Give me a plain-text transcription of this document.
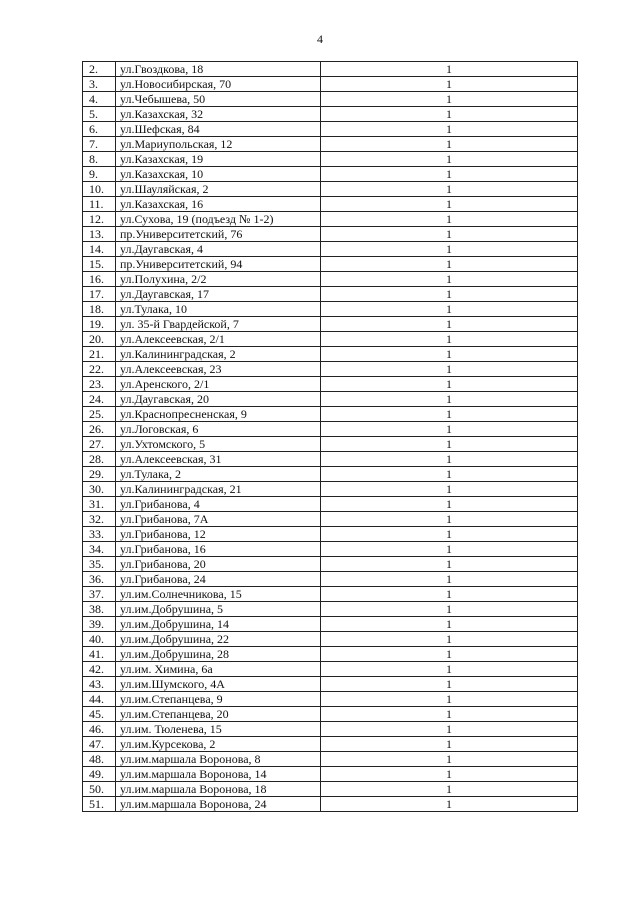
4
2.	ул.Гвоздкова, 18	1
3.	ул.Новосибирская, 70	1
4.	ул.Чебышева, 50	1
5.	ул.Казахская, 32	1
6.	ул.Шефская, 84	1
7.	ул.Мариупольская, 12	1
8.	ул.Казахская, 19	1
9.	ул.Казахская, 10	1
10.	ул.Шауляйская, 2	1
11.	ул.Казахская, 16	1
12.	ул.Сухова, 19 (подъезд № 1-2)	1
13.	пр.Университетский, 76	1
14.	ул.Даугавская, 4	1
15.	пр.Университетский, 94	1
16.	ул.Полухина, 2/2	1
17.	ул.Даугавская, 17	1
18.	ул.Тулака, 10	1
19.	ул. 35-й Гвардейской, 7	1
20.	ул.Алексеевская, 2/1	1
21.	ул.Калининградская, 2	1
22.	ул.Алексеевская, 23	1
23.	ул.Аренского, 2/1	1
24.	ул.Даугавская, 20	1
25.	ул.Краснопресненская, 9	1
26.	ул.Логовская, 6	1
27.	ул.Ухтомского, 5	1
28.	ул.Алексеевская, 31	1
29.	ул.Тулака, 2	1
30.	ул.Калининградская, 21	1
31.	ул.Грибанова, 4	1
32.	ул.Грибанова, 7А	1
33.	ул.Грибанова, 12	1
34.	ул.Грибанова, 16	1
35.	ул.Грибанова, 20	1
36.	ул.Грибанова, 24	1
37.	ул.им.Солнечникова, 15	1
38.	ул.им.Добрушина, 5	1
39.	ул.им.Добрушина, 14	1
40.	ул.им.Добрушина, 22	1
41.	ул.им.Добрушина, 28	1
42.	ул.им. Химина, 6а	1
43.	ул.им.Шумского, 4А	1
44.	ул.им.Степанцева, 9	1
45.	ул.им.Степанцева, 20	1
46.	ул.им. Тюленева, 15	1
47.	ул.им.Курсекова, 2	1
48.	ул.им.маршала Воронова, 8	1
49.	ул.им.маршала Воронова, 14	1
50.	ул.им.маршала Воронова, 18	1
51.	ул.им.маршала Воронова, 24	1
